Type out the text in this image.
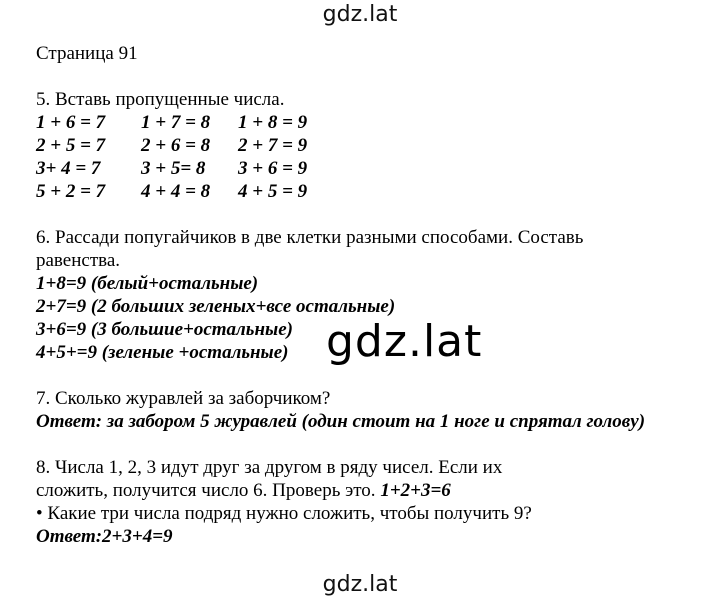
gdz.lat
Страница 91
5. Вставь пропущенные числа.
1 + 6 = 7	1 + 7 = 8	1 + 8 = 9
2 + 5 = 7	2 + 6 = 8	2 + 7 = 9
3+ 4 = 7	3 + 5= 8	3 + 6 = 9
5 + 2 = 7	4 + 4 = 8	4 + 5 = 9
6. Рассади попугайчиков в две клетки разными способами. Составь
равенства.
1+8=9 (белый+остальные)
2+7=9 (2 больших зеленых+все остальные)
3+6=9 (3 большие+остальные)
4+5+=9 (зеленые +остальные)
7. Сколько журавлей за заборчиком?
Ответ: за забором 5 журавлей (один стоит на 1 ноге и спрятал голову)
8. Числа 1, 2, 3 идут друг за другом в ряду чисел. Если их
сложить, получится число 6. Проверь это. 1+2+3=6
• Какие три числа подряд нужно сложить, чтобы получить 9?
Ответ:2+3+4=9
gdz.lat
gdz.lat
